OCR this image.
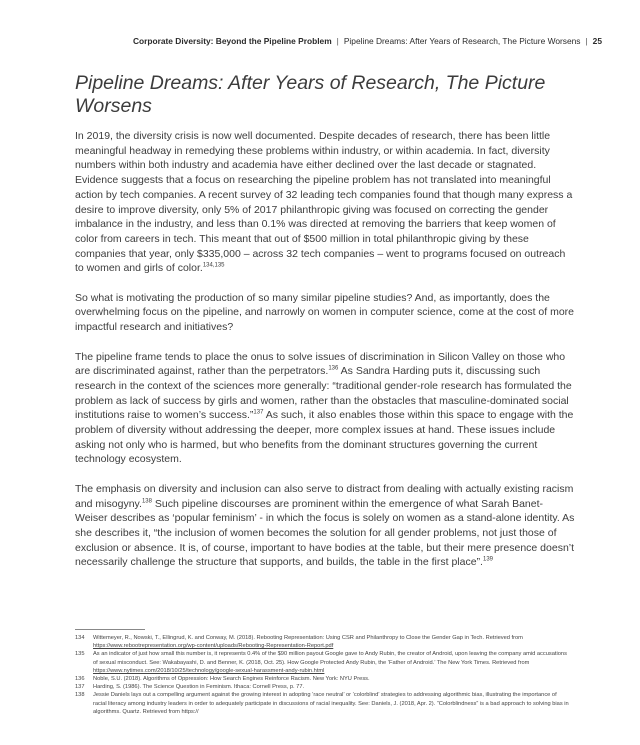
Corporate Diversity: Beyond the Pipeline Problem | Pipeline Dreams: After Years of Research, The Picture Worsens | 25
Pipeline Dreams: After Years of Research, The Picture Worsens

In 2019, the diversity crisis is now well documented. Despite decades of research, there has been little meaningful headway in remedying these problems within industry, or within academia. In fact, diversity numbers within both industry and academia have either declined over the last decade or stagnated. Evidence suggests that a focus on researching the pipeline problem has not translated into meaningful action by tech companies. A recent survey of 32 leading tech companies found that though many express a desire to improve diversity, only 5% of 2017 philanthropic giving was focused on correcting the gender imbalance in the industry, and less than 0.1% was directed at removing the barriers that keep women of color from careers in tech. This meant that out of $500 million in total philanthropic giving by these companies that year, only $335,000 – across 32 tech companies – went to programs focused on outreach to women and girls of color.$^{134,135}$

So what is motivating the production of so many similar pipeline studies? And, as importantly, does the overwhelming focus on the pipeline, and narrowly on women in computer science, come at the cost of more impactful research and initiatives?

The pipeline frame tends to place the onus to solve issues of discrimination in Silicon Valley on those who are discriminated against, rather than the perpetrators.$^{136}$ As Sandra Harding puts it, discussing such research in the context of the sciences more generally: “traditional gender-role research has formulated the problem as lack of success by girls and women, rather than the obstacles that masculine-dominated social institutions raise to women’s success.”$^{137}$ As such, it also enables those within this space to engage with the problem of diversity without addressing the deeper, more complex issues at hand. These issues include asking not only who is harmed, but who benefits from the dominant structures governing the current technology ecosystem.

The emphasis on diversity and inclusion can also serve to distract from dealing with actually existing racism and misogyny.$^{138}$ Such pipeline discourses are prominent within the emergence of what Sarah Banet-Weiser describes as ‘popular feminism’ - in which the focus is solely on women as a stand-alone identity. As she describes it, “the inclusion of women becomes the solution for all gender problems, not just those of exclusion or absence. It is, of course, important to have bodies at the table, but their mere presence doesn’t necessarily challenge the structure that supports, and builds, the table in the first place”.$^{139}$

134	Wittemeyer, R., Nowski, T., Ellingrud, K. and Conway, M. (2018). Rebooting Representation: Using CSR and Philanthropy to Close the Gender Gap in Tech. Retrieved from https://www.rebootrepresentation.org/wp-content/uploads/Rebooting-Representation-Report.pdf
135	As an indicator of just how small this number is, it represents 0.4% of the $90 million payout Google gave to Andy Rubin, the creator of Android, upon leaving the company amid accusations of sexual misconduct. See: Wakabayashi, D. and Benner, K. (2018, Oct. 25). How Google Protected Andy Rubin, the ‘Father of Android.’ The New York Times. Retrieved from https://www.nytimes.com/2018/10/25/technology/google-sexual-harassment-andy-rubin.html
136	Noble, S.U. (2018). Algorithms of Oppression: How Search Engines Reinforce Racism. New York: NYU Press.
137	Harding, S. (1986). The Science Question in Feminism. Ithaca: Cornell Press, p. 77.
138	Jessie Daniels lays out a compelling argument against the growing interest in adopting ‘race neutral’ or ‘colorblind’ strategies to addressing algorithmic bias, illustrating the importance of racial literacy among industry leaders in order to adequately participate in discussions of racial inequality. See: Daniels, J. (2018, Apr. 2). “Colorblindness” is a bad approach to solving bias in algorithms. Quartz. Retrieved from https://
